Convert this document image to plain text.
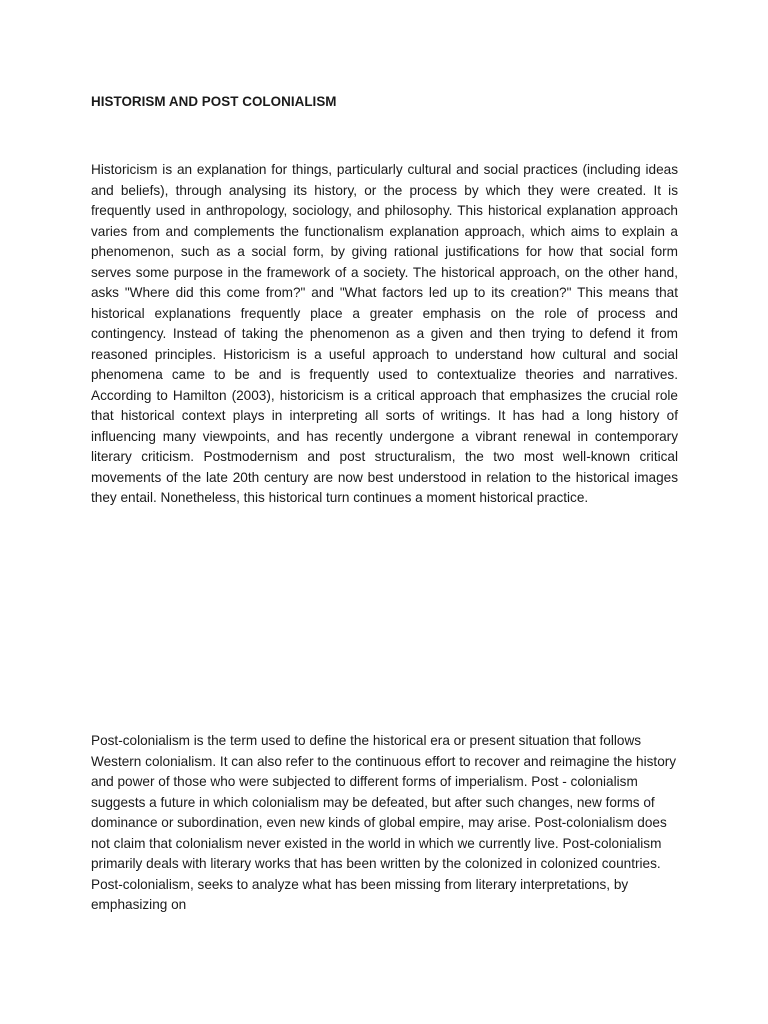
HISTORISM AND POST COLONIALISM

Historicism is an explanation for things, particularly cultural and social practices (including ideas and beliefs), through analysing its history, or the process by which they were created. It is frequently used in anthropology, sociology, and philosophy. This historical explanation approach varies from and complements the functionalism explanation approach, which aims to explain a phenomenon, such as a social form, by giving rational justifications for how that social form serves some purpose in the framework of a society. The historical approach, on the other hand, asks "Where did this come from?" and "What factors led up to its creation?" This means that historical explanations frequently place a greater emphasis on the role of process and contingency. Instead of taking the phenomenon as a given and then trying to defend it from reasoned principles. Historicism is a useful approach to understand how cultural and social phenomena came to be and is frequently used to contextualize theories and narratives. According to Hamilton (2003), historicism is a critical approach that emphasizes the crucial role that historical context plays in interpreting all sorts of writings. It has had a long history of influencing many viewpoints, and has recently undergone a vibrant renewal in contemporary literary criticism. Postmodernism and post structuralism, the two most well-known critical movements of the late 20th century are now best understood in relation to the historical images they entail. Nonetheless, this historical turn continues a moment historical practice.

Post-colonialism is the term used to define the historical era or present situation that follows Western colonialism. It can also refer to the continuous effort to recover and reimagine the history and power of those who were subjected to different forms of imperialism. Post - colonialism suggests a future in which colonialism may be defeated, but after such changes, new forms of dominance or subordination, even new kinds of global empire, may arise. Post-colonialism does not claim that colonialism never existed in the world in which we currently live. Post-colonialism primarily deals with literary works that has been written by the colonized in colonized countries. Post-colonialism, seeks to analyze what has been missing from literary interpretations, by emphasizing on
